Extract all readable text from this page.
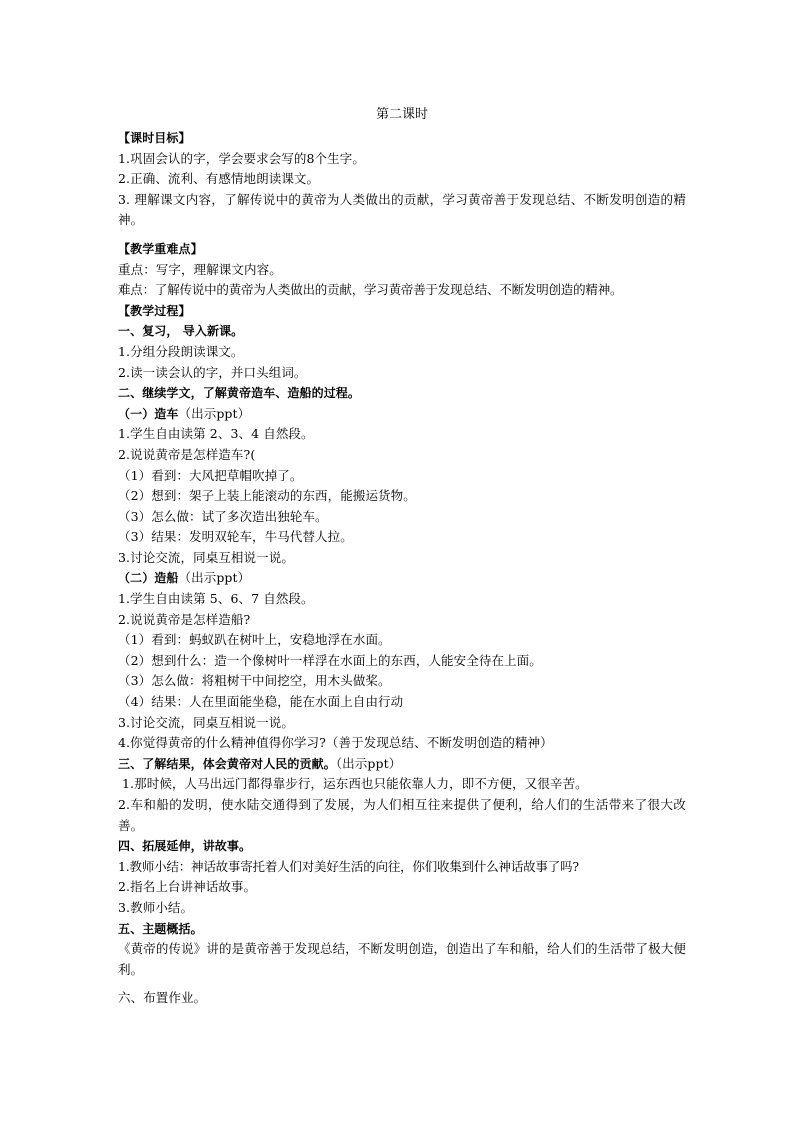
第二课时
【课时目标】
1.巩固会认的字，学会要求会写的8个生字。
2.正确、流利、有感情地朗读课文。
3. 理解课文内容，了解传说中的黄帝为人类做出的贡献，学习黄帝善于发现总结、不断发明创造的精神。
【教学重难点】
重点：写字，理解课文内容。
难点：了解传说中的黄帝为人类做出的贡献，学习黄帝善于发现总结、不断发明创造的精神。
【教学过程】
一、复习， 导入新课。
1.分组分段朗读课文。
2.读一读会认的字，并口头组词。
二、继续学文，了解黄帝造车、造船的过程。
（一）造车（出示ppt）
1.学生自由读第 2、3、4 自然段。
2.说说黄帝是怎样造车?(
（1）看到：大风把草帽吹掉了。
（2）想到：架子上装上能滚动的东西，能搬运货物。
（3）怎么做：试了多次造出独轮车。
（3）结果：发明双轮车，牛马代替人拉。
3.讨论交流，同桌互相说一说。
（二）造船（出示ppt）
1.学生自由读第 5、6、7 自然段。
2.说说黄帝是怎样造船?
（1）看到：蚂蚁趴在树叶上，安稳地浮在水面。
（2）想到什么：造一个像树叶一样浮在水面上的东西，人能安全待在上面。
（3）怎么做：将粗树干中间挖空，用木头做桨。
（4）结果：人在里面能坐稳，能在水面上自由行动
3.讨论交流，同桌互相说一说。
4.你觉得黄帝的什么精神值得你学习?（善于发现总结、不断发明创造的精神）
三、了解结果，体会黄帝对人民的贡献。（出示ppt）
1.那时候，人马出远门都得靠步行，运东西也只能依靠人力，即不方便，又很辛苦。
2.车和船的发明，使水陆交通得到了发展，为人们相互往来提供了便利，给人们的生活带来了很大改善。
四、拓展延伸，讲故事。
1.教师小结：神话故事寄托着人们对美好生活的向往，你们收集到什么神话故事了吗?
2.指名上台讲神话故事。
3.教师小结。
五、主题概括。
《黄帝的传说》讲的是黄帝善于发现总结，不断发明创造，创造出了车和船，给人们的生活带了极大便利。
六、布置作业。
